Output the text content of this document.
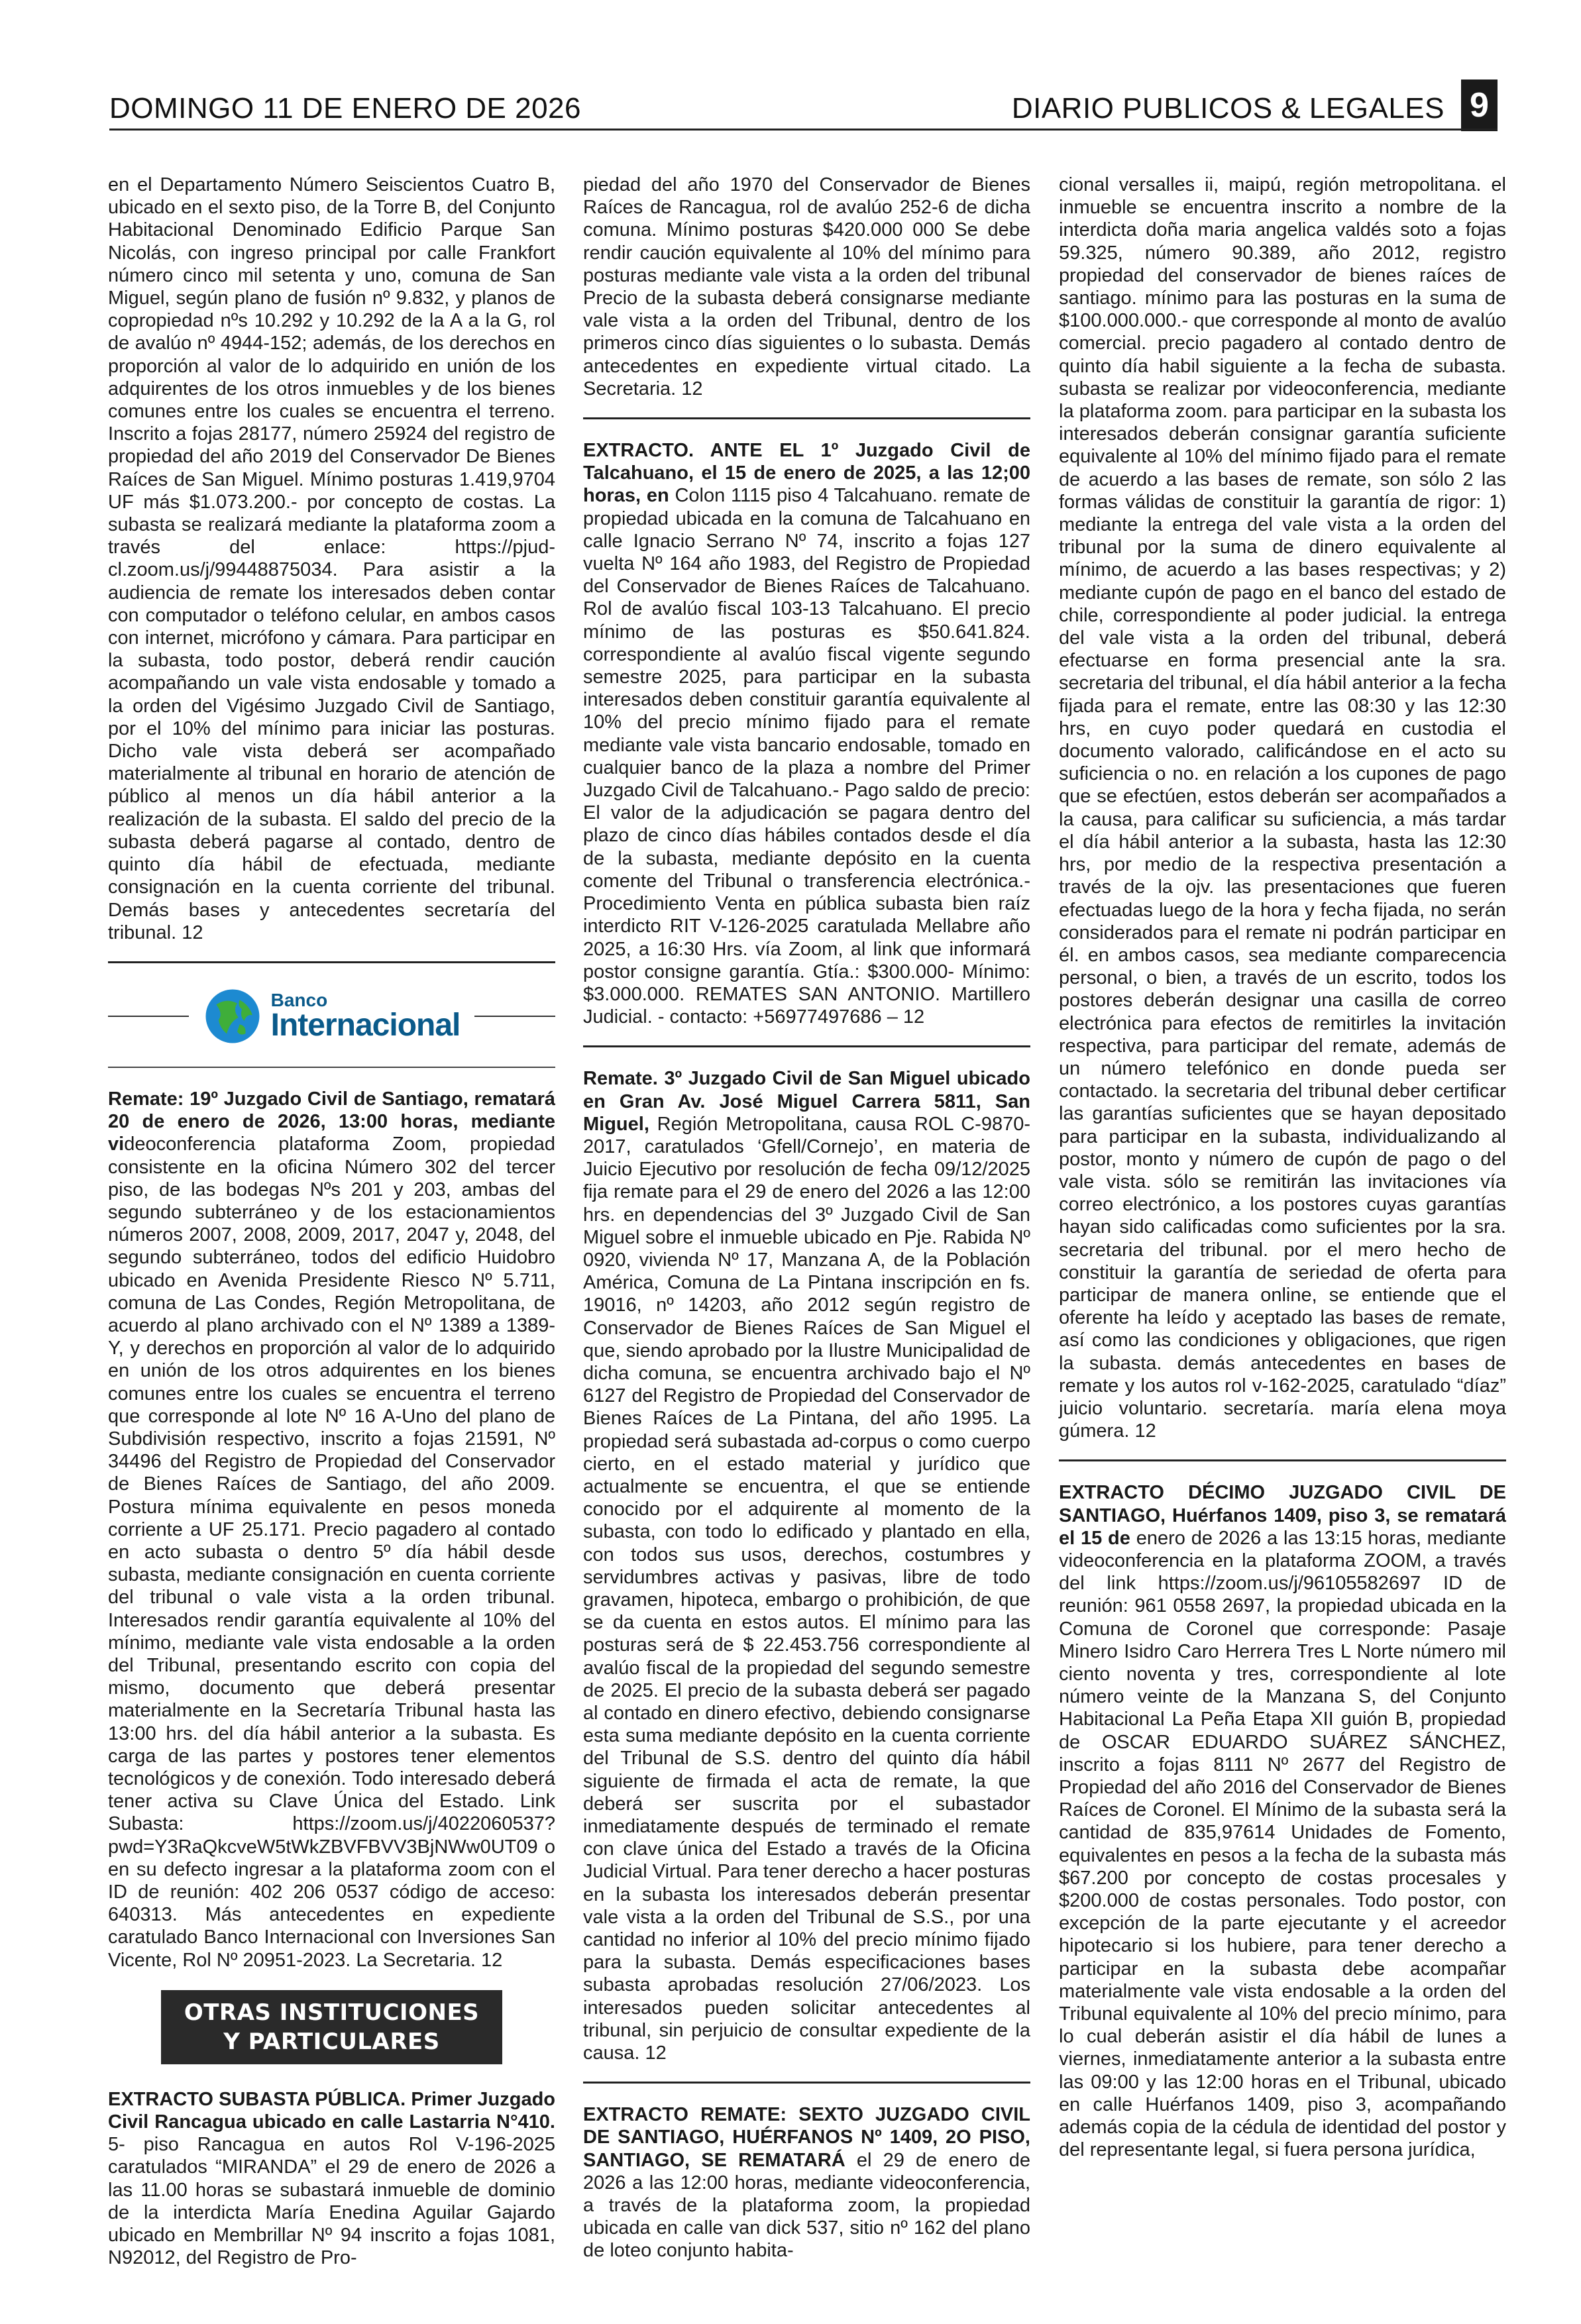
DOMINGO 11 DE ENERO DE 2026	DIARIO PUBLICOS & LEGALES 9

en el Departamento Número Seiscientos Cuatro B, ubicado en el sexto piso, de la Torre B, del Conjunto Habitacional Denominado Edificio Parque San Nicolás, con ingreso principal por calle Frankfort número cinco mil setenta y uno, comuna de San Miguel, según plano de fusión nº 9.832, y planos de copropiedad nºs 10.292 y 10.292 de la A a la G, rol de avalúo nº 4944-152; además, de los derechos en proporción al valor de lo adquirido en unión de los adquirentes de los otros inmuebles y de los bienes comunes entre los cuales se encuentra el terreno. Inscrito a fojas 28177, número 25924 del registro de propiedad del año 2019 del Conservador De Bienes Raíces de San Miguel. Mínimo posturas 1.419,9704 UF más $1.073.200.- por concepto de costas. La subasta se realizará mediante la plataforma zoom a través del enlace: https://pjud-cl.zoom.us/j/99448875034. Para asistir a la audiencia de remate los interesados deben contar con computador o teléfono celular, en ambos casos con internet, micrófono y cámara. Para participar en la subasta, todo postor, deberá rendir caución acompañando un vale vista endosable y tomado a la orden del Vigésimo Juzgado Civil de Santiago, por el 10% del mínimo para iniciar las posturas. Dicho vale vista deberá ser acompañado materialmente al tribunal en horario de atención de público al menos un día hábil anterior a la realización de la subasta. El saldo del precio de la subasta deberá pagarse al contado, dentro de quinto día hábil de efectuada, mediante consignación en la cuenta corriente del tribunal. Demás bases y antecedentes secretaría del tribunal. 12

Banco
Internacional

Remate: 19º Juzgado Civil de Santiago, rematará 20 de enero de 2026, 13:00 horas, mediante videoconferencia plataforma Zoom, propiedad consistente en la oficina Número 302 del tercer piso, de las bodegas Nºs 201 y 203, ambas del segundo subterráneo y de los estacionamientos números 2007, 2008, 2009, 2017, 2047 y, 2048, del segundo subterráneo, todos del edificio Huidobro ubicado en Avenida Presidente Riesco Nº 5.711, comuna de Las Condes, Región Metropolitana, de acuerdo al plano archivado con el Nº 1389 a 1389-Y, y derechos en proporción al valor de lo adquirido en unión de los otros adquirentes en los bienes comunes entre los cuales se encuentra el terreno que corresponde al lote Nº 16 A-Uno del plano de Subdivisión respectivo, inscrito a fojas 21591, Nº 34496 del Registro de Propiedad del Conservador de Bienes Raíces de Santiago, del año 2009. Postura mínima equivalente en pesos moneda corriente a UF 25.171. Precio pagadero al contado en acto subasta o dentro 5º día hábil desde subasta, mediante consignación en cuenta corriente del tribunal o vale vista a la orden tribunal. Interesados rendir garantía equivalente al 10% del mínimo, mediante vale vista endosable a la orden del Tribunal, presentando escrito con copia del mismo, documento que deberá presentar materialmente en la Secretaría Tribunal hasta las 13:00 hrs. del día hábil anterior a la subasta. Es carga de las partes y postores tener elementos tecnológicos y de conexión. Todo interesado deberá tener activa su Clave Única del Estado. Link Subasta: https://zoom.us/j/4022060537?pwd=Y3RaQkcveW5tWkZBVFBVV3BjNWw0UT09 o en su defecto ingresar a la plataforma zoom con el ID de reunión: 402 206 0537 código de acceso: 640313. Más antecedentes en expediente caratulado Banco Internacional con Inversiones San Vicente, Rol Nº 20951-2023. La Secretaria. 12

OTRAS INSTITUCIONES
Y PARTICULARES

EXTRACTO SUBASTA PÚBLICA. Primer Juzgado Civil Rancagua ubicado en calle Lastarria N°410. 5- piso Rancagua en autos Rol V-196-2025 caratulados “MIRANDA” el 29 de enero de 2026 a las 11.00 horas se subastará inmueble de dominio de la interdicta María Enedina Aguilar Gajardo ubicado en Membrillar Nº 94 inscrito a fojas 1081, N92012, del Registro de Pro-

piedad del año 1970 del Conservador de Bienes Raíces de Rancagua, rol de avalúo 252-6 de dicha comuna. Mínimo posturas $420.000 000 Se debe rendir caución equivalente al 10% del mínimo para posturas mediante vale vista a la orden del tribunal Precio de la subasta deberá consignarse mediante vale vista a la orden del Tribunal, dentro de los primeros cinco días siguientes o lo subasta. Demás antecedentes en expediente virtual citado. La Secretaria. 12

EXTRACTO. ANTE EL 1º Juzgado Civil de Talcahuano, el 15 de enero de 2025, a las 12;00 horas, en Colon 1115 piso 4 Talcahuano. remate de propiedad ubicada en la comuna de Talcahuano en calle Ignacio Serrano Nº 74, inscrito a fojas 127 vuelta Nº 164 año 1983, del Registro de Propiedad del Conservador de Bienes Raíces de Talcahuano. Rol de avalúo fiscal 103-13 Talcahuano. El precio mínimo de las posturas es $50.641.824. correspondiente al avalúo fiscal vigente segundo semestre 2025, para participar en la subasta interesados deben constituir garantía equivalente al 10% del precio mínimo fijado para el remate mediante vale vista bancario endosable, tomado en cualquier banco de la plaza a nombre del Primer Juzgado Civil de Talcahuano.- Pago saldo de precio: El valor de la adjudicación se pagara dentro del plazo de cinco días hábiles contados desde el día de la subasta, mediante depósito en la cuenta comente del Tribunal o transferencia electrónica.- Procedimiento Venta en pública subasta bien raíz interdicto RIT V-126-2025 caratulada Mellabre año 2025, a 16:30 Hrs. vía Zoom, al link que informará postor consigne garantía. Gtía.: $300.000- Mínimo: $3.000.000. REMATES SAN ANTONIO. Martillero Judicial. - contacto: +56977497686 – 12

Remate. 3º Juzgado Civil de San Miguel ubicado en Gran Av. José Miguel Carrera 5811, San Miguel, Región Metropolitana, causa ROL C-9870-2017, caratulados ‘Gfell/Cornejo’, en materia de Juicio Ejecutivo por resolución de fecha 09/12/2025 fija remate para el 29 de enero del 2026 a las 12:00 hrs. en dependencias del 3º Juzgado Civil de San Miguel sobre el inmueble ubicado en Pje. Rabida Nº 0920, vivienda Nº 17, Manzana A, de la Población América, Comuna de La Pintana inscripción en fs. 19016, nº 14203, año 2012 según registro de Conservador de Bienes Raíces de San Miguel el que, siendo aprobado por la Ilustre Municipalidad de dicha comuna, se encuentra archivado bajo el Nº 6127 del Registro de Propiedad del Conservador de Bienes Raíces de La Pintana, del año 1995. La propiedad será subastada ad-corpus o como cuerpo cierto, en el estado material y jurídico que actualmente se encuentra, el que se entiende conocido por el adquirente al momento de la subasta, con todo lo edificado y plantado en ella, con todos sus usos, derechos, costumbres y servidumbres activas y pasivas, libre de todo gravamen, hipoteca, embargo o prohibición, de que se da cuenta en estos autos. El mínimo para las posturas será de $ 22.453.756 correspondiente al avalúo fiscal de la propiedad del segundo semestre de 2025. El precio de la subasta deberá ser pagado al contado en dinero efectivo, debiendo consignarse esta suma mediante depósito en la cuenta corriente del Tribunal de S.S. dentro del quinto día hábil siguiente de firmada el acta de remate, la que deberá ser suscrita por el subastador inmediatamente después de terminado el remate con clave única del Estado a través de la Oficina Judicial Virtual. Para tener derecho a hacer posturas en la subasta los interesados deberán presentar vale vista a la orden del Tribunal de S.S., por una cantidad no inferior al 10% del precio mínimo fijado para la subasta. Demás especificaciones bases subasta aprobadas resolución 27/06/2023. Los interesados pueden solicitar antecedentes al tribunal, sin perjuicio de consultar expediente de la causa. 12

EXTRACTO REMATE: SEXTO JUZGADO CIVIL DE SANTIAGO, HUÉRFANOS Nº 1409, 2O PISO, SANTIAGO, SE REMATARÁ el 29 de enero de 2026 a las 12:00 horas, mediante videoconferencia, a través de la plataforma zoom, la propiedad ubicada en calle van dick 537, sitio nº 162 del plano de loteo conjunto habita-

cional versalles ii, maipú, región metropolitana. el inmueble se encuentra inscrito a nombre de la interdicta doña maria angelica valdés soto a fojas 59.325, número 90.389, año 2012, registro propiedad del conservador de bienes raíces de santiago. mínimo para las posturas en la suma de $100.000.000.- que corresponde al monto de avalúo comercial. precio pagadero al contado dentro de quinto día habil siguiente a la fecha de subasta. subasta se realizar por videoconferencia, mediante la plataforma zoom. para participar en la subasta los interesados deberán consignar garantía suficiente equivalente al 10% del mínimo fijado para el remate de acuerdo a las bases de remate, son sólo 2 las formas válidas de constituir la garantía de rigor: 1) mediante la entrega del vale vista a la orden del tribunal por la suma de dinero equivalente al mínimo, de acuerdo a las bases respectivas; y 2) mediante cupón de pago en el banco del estado de chile, correspondiente al poder judicial. la entrega del vale vista a la orden del tribunal, deberá efectuarse en forma presencial ante la sra. secretaria del tribunal, el día hábil anterior a la fecha fijada para el remate, entre las 08:30 y las 12:30 hrs, en cuyo poder quedará en custodia el documento valorado, calificándose en el acto su suficiencia o no. en relación a los cupones de pago que se efectúen, estos deberán ser acompañados a la causa, para calificar su suficiencia, a más tardar el día hábil anterior a la subasta, hasta las 12:30 hrs, por medio de la respectiva presentación a través de la ojv. las presentaciones que fueren efectuadas luego de la hora y fecha fijada, no serán considerados para el remate ni podrán participar en él. en ambos casos, sea mediante comparecencia personal, o bien, a través de un escrito, todos los postores deberán designar una casilla de correo electrónica para efectos de remitirles la invitación respectiva, para participar del remate, además de un número telefónico en donde pueda ser contactado. la secretaria del tribunal deber certificar las garantías suficientes que se hayan depositado para participar en la subasta, individualizando al postor, monto y número de cupón de pago o del vale vista. sólo se remitirán las invitaciones vía correo electrónico, a los postores cuyas garantías hayan sido calificadas como suficientes por la sra. secretaria del tribunal. por el mero hecho de constituir la garantía de seriedad de oferta para participar de manera online, se entiende que el oferente ha leído y aceptado las bases de remate, así como las condiciones y obligaciones, que rigen la subasta. demás antecedentes en bases de remate y los autos rol v-162-2025, caratulado “díaz” juicio voluntario. secretaría. maría elena moya gúmera. 12

EXTRACTO DÉCIMO JUZGADO CIVIL DE SANTIAGO, Huérfanos 1409, piso 3, se rematará el 15 de enero de 2026 a las 13:15 horas, mediante videoconferencia en la plataforma ZOOM, a través del link https://zoom.us/j/96105582697 ID de reunión: 961 0558 2697, la propiedad ubicada en la Comuna de Coronel que corresponde: Pasaje Minero Isidro Caro Herrera Tres L Norte número mil ciento noventa y tres, correspondiente al lote número veinte de la Manzana S, del Conjunto Habitacional La Peña Etapa XII guión B, propiedad de OSCAR EDUARDO SUÁREZ SÁNCHEZ, inscrito a fojas 8111 Nº 2677 del Registro de Propiedad del año 2016 del Conservador de Bienes Raíces de Coronel. El Mínimo de la subasta será la cantidad de 835,97614 Unidades de Fomento, equivalentes en pesos a la fecha de la subasta más $67.200 por concepto de costas procesales y $200.000 de costas personales. Todo postor, con excepción de la parte ejecutante y el acreedor hipotecario si los hubiere, para tener derecho a participar en la subasta debe acompañar materialmente vale vista endosable a la orden del Tribunal equivalente al 10% del precio mínimo, para lo cual deberán asistir el día hábil de lunes a viernes, inmediatamente anterior a la subasta entre las 09:00 y las 12:00 horas en el Tribunal, ubicado en calle Huérfanos 1409, piso 3, acompañando además copia de la cédula de identidad del postor y del representante legal, si fuera persona jurídica,
